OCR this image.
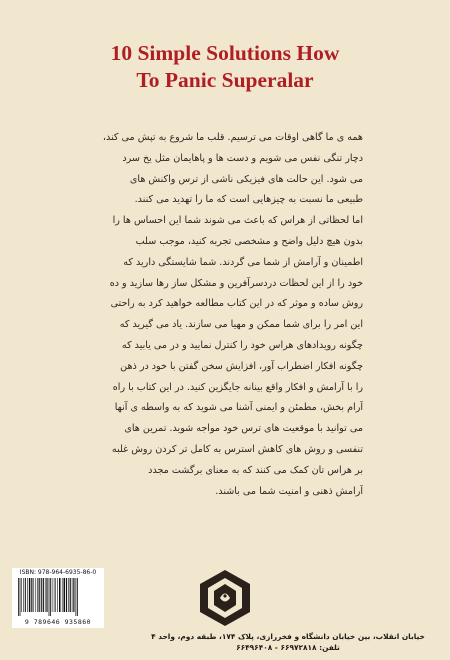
10 Simple Solutions How
To Panic Superalar
همه ی ما گاهی اوقات می ترسیم. قلب ما شروع به تپش می کند،
دچار تنگی نفس می شویم و دست ها و پاهایمان مثل یخ سرد
می شود. این حالت های فیزیکی ناشی از ترس واکنش های
طبیعی ما نسبت به چیزهایی است که ما را تهدید می کنند.
اما لحظاتی از هراس که باعث می شوند شما این احساس ها را
بدون هیچ دلیل واضح و مشخصی تجربه کنید، موجب سلب
اطمینان و آرامش از شما می گردند. شما شایستگی دارید که
خود را از این لحظات دردسرآفرین و مشکل ساز رها سازید و ده
روش ساده و موثر که در این کتاب مطالعه خواهید کرد به راحتی
این امر را برای شما ممکن و مهیا می سازند. یاد می گیرید که
چگونه رویدادهای هراس خود را کنترل نمایید و در می یابید که
چگونه افکار اضطراب آور، افزایش سخن گفتن با خود در ذهن
را با آرامش و افکار واقع بینانه جایگزین کنید. در این کتاب با راه
آرام بخش، مطمئن و ایمنی آشنا می شوید که به واسطه ی آنها
می توانید با موقعیت های ترس خود مواجه شوید. تمرین های
تنفسی و روش های کاهش استرس به کامل تر کردن روش غلبه
بر هراس تان کمک می کنند که به معنای برگشت مجدد
آرامش ذهنی و امنیت شما می باشند.
ISBN: 978-964-6935-86-0
9 789646 935860
خیابان انقلاب، بین خیابان دانشگاه و فخررازی، پلاک ۱۷۴، طبقه دوم، واحد ۴
تلفن: ۶۶۹۷۲۸۱۸ - ۶۶۴۹۶۴۰۸
